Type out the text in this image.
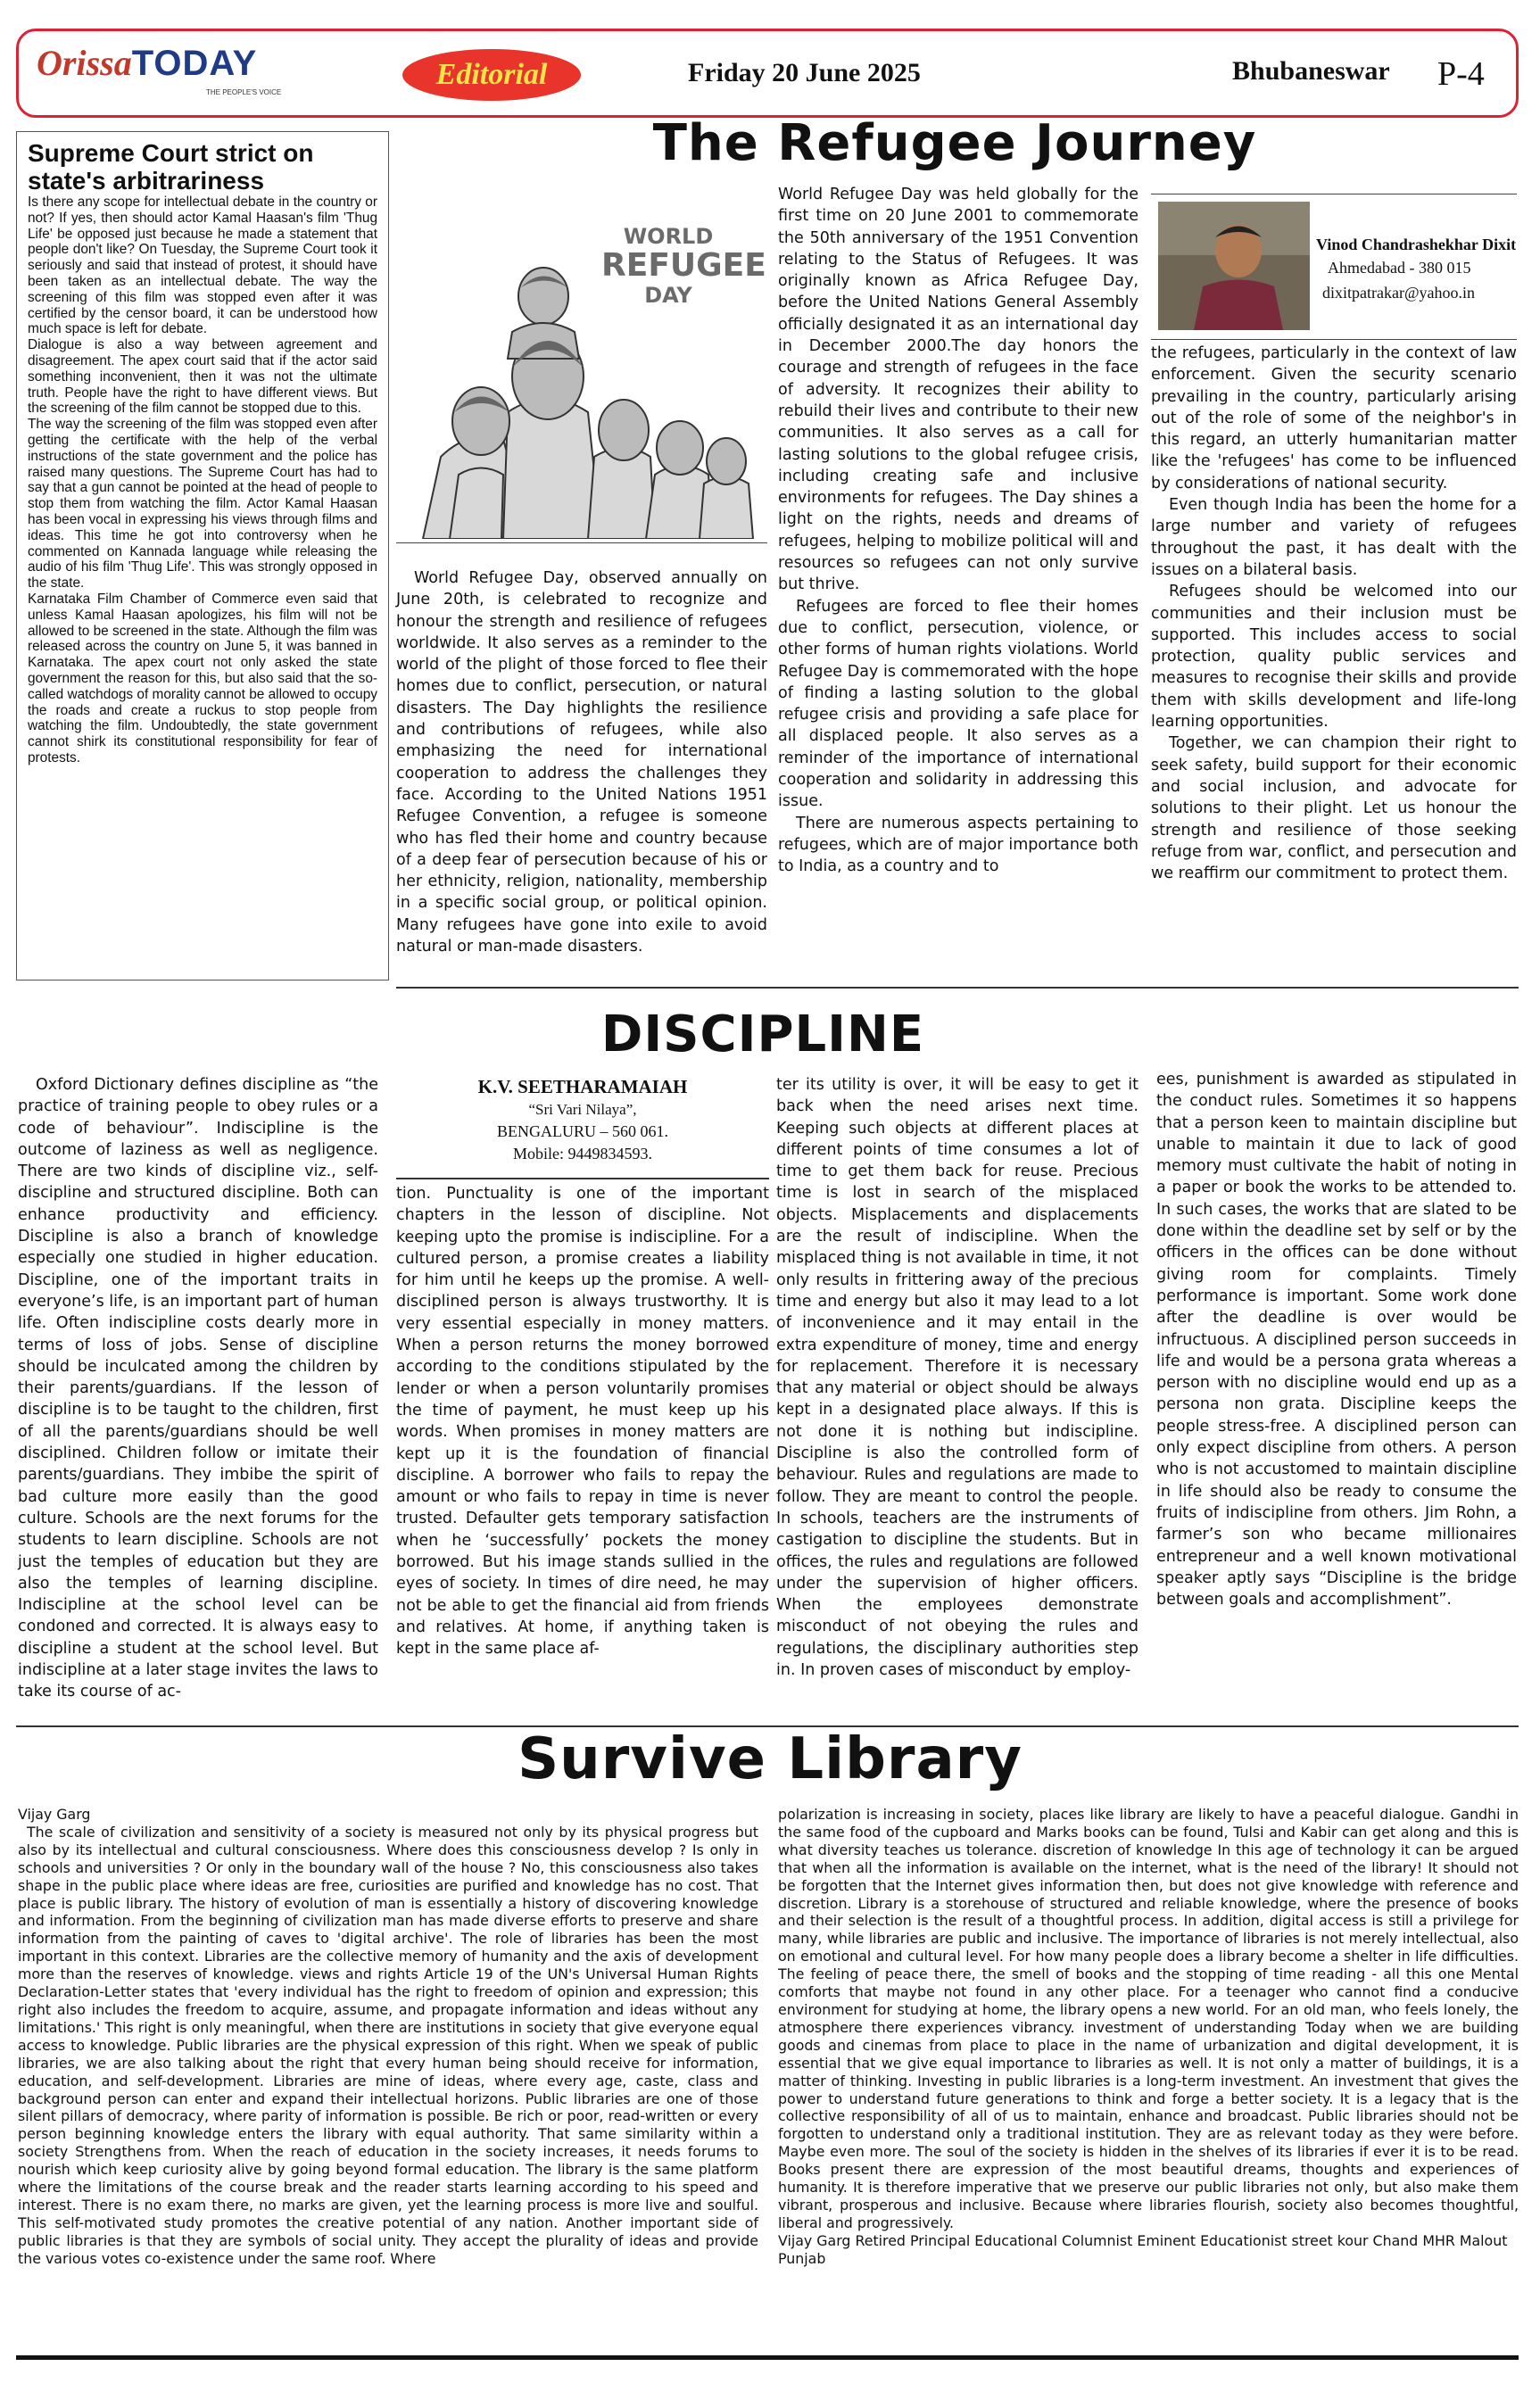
OrissaTODAY
THE PEOPLE'S VOICE
Editorial	Friday 20 June 2025	Bhubaneswar P-4
Supreme Court strict on state's arbitrariness

Is there any scope for intellectual debate in the country or not? If yes, then should actor Kamal Haasan's film 'Thug Life' be opposed just because he made a statement that people don't like? On Tuesday, the Supreme Court took it seriously and said that instead of protest, it should have been taken as an intellectual debate. The way the screening of this film was stopped even after it was certified by the censor board, it can be understood how much space is left for debate.

Dialogue is also a way between agreement and disagreement. The apex court said that if the actor said something inconvenient, then it was not the ultimate truth. People have the right to have different views. But the screening of the film cannot be stopped due to this.

The way the screening of the film was stopped even after getting the certificate with the help of the verbal instructions of the state government and the police has raised many questions. The Supreme Court has had to say that a gun cannot be pointed at the head of people to stop them from watching the film. Actor Kamal Haasan has been vocal in expressing his views through films and ideas. This time he got into controversy when he commented on Kannada language while releasing the audio of his film 'Thug Life'. This was strongly opposed in the state.

Karnataka Film Chamber of Commerce even said that unless Kamal Haasan apologizes, his film will not be allowed to be screened in the state. Although the film was released across the country on June 5, it was banned in Karnataka. The apex court not only asked the state government the reason for this, but also said that the so-called watchdogs of morality cannot be allowed to occupy the roads and create a ruckus to stop people from watching the film. Undoubtedly, the state government cannot shirk its constitutional responsibility for fear of protests.

The Refugee Journey
WORLD
REFUGEE
DAY

World Refugee Day, observed annually on June 20th, is celebrated to recognize and honour the strength and resilience of refugees worldwide. It also serves as a reminder to the world of the plight of those forced to flee their homes due to conflict, persecution, or natural disasters. The Day highlights the resilience and contributions of refugees, while also emphasizing the need for international cooperation to address the challenges they face. According to the United Nations 1951 Refugee Convention, a refugee is someone who has fled their home and country because of a deep fear of persecution because of his or her ethnicity, religion, nationality, membership in a specific social group, or political opinion. Many refugees have gone into exile to avoid natural or man-made disasters.

World Refugee Day was held globally for the first time on 20 June 2001 to commemorate the 50th anniversary of the 1951 Convention relating to the Status of Refugees. It was originally known as Africa Refugee Day, before the United Nations General Assembly officially designated it as an international day in December 2000.The day honors the courage and strength of refugees in the face of adversity. It recognizes their ability to rebuild their lives and contribute to their new communities. It also serves as a call for lasting solutions to the global refugee crisis, including creating safe and inclusive environments for refugees. The Day shines a light on the rights, needs and dreams of refugees, helping to mobilize political will and resources so refugees can not only survive but thrive.

Refugees are forced to flee their homes due to conflict, persecution, violence, or other forms of human rights violations. World Refugee Day is commemorated with the hope of finding a lasting solution to the global refugee crisis and providing a safe place for all displaced people. It also serves as a reminder of the importance of international cooperation and solidarity in addressing this issue.

There are numerous aspects pertaining to refugees, which are of major importance both to India, as a country and to

Vinod Chandrashekhar Dixit
Ahmedabad - 380 015
dixitpatrakar@yahoo.in

the refugees, particularly in the context of law enforcement. Given the security scenario prevailing in the country, particularly arising out of the role of some of the neighbor's in this regard, an utterly humanitarian matter like the 'refugees' has come to be influenced by considerations of national security.

Even though India has been the home for a large number and variety of refugees throughout the past, it has dealt with the issues on a bilateral basis.

Refugees should be welcomed into our communities and their inclusion must be supported. This includes access to social protection, quality public services and measures to recognise their skills and provide them with skills development and life-long learning opportunities.

Together, we can champion their right to seek safety, build support for their economic and social inclusion, and advocate for solutions to their plight. Let us honour the strength and resilience of those seeking refuge from war, conflict, and persecution and we reaffirm our commitment to protect them.

DISCIPLINE

Oxford Dictionary defines discipline as “the practice of training people to obey rules or a code of behaviour”. Indiscipline is the outcome of laziness as well as negligence. There are two kinds of discipline viz., self-discipline and structured discipline. Both can enhance productivity and efficiency. Discipline is also a branch of knowledge especially one studied in higher education. Discipline, one of the important traits in everyone’s life, is an important part of human life. Often indiscipline costs dearly more in terms of loss of jobs. Sense of discipline should be inculcated among the children by their parents/guardians. If the lesson of discipline is to be taught to the children, first of all the parents/guardians should be well disciplined. Children follow or imitate their parents/guardians. They imbibe the spirit of bad culture more easily than the good culture. Schools are the next forums for the students to learn discipline. Schools are not just the temples of education but they are also the temples of learning discipline. Indiscipline at the school level can be condoned and corrected. It is always easy to discipline a student at the school level. But indiscipline at a later stage invites the laws to take its course of ac-

K.V. SEETHARAMAIAH
“Sri Vari Nilaya”,
BENGALURU – 560 061.
Mobile: 9449834593.

tion. Punctuality is one of the important chapters in the lesson of discipline. Not keeping upto the promise is indiscipline. For a cultured person, a promise creates a liability for him until he keeps up the promise. A well-disciplined person is always trustworthy. It is very essential especially in money matters. When a person returns the money borrowed according to the conditions stipulated by the lender or when a person voluntarily promises the time of payment, he must keep up his words. When promises in money matters are kept up it is the foundation of financial discipline. A borrower who fails to repay the amount or who fails to repay in time is never trusted. Defaulter gets temporary satisfaction when he ‘successfully’ pockets the money borrowed. But his image stands sullied in the eyes of society. In times of dire need, he may not be able to get the financial aid from friends and relatives. At home, if anything taken is kept in the same place af-

ter its utility is over, it will be easy to get it back when the need arises next time. Keeping such objects at different places at different points of time consumes a lot of time to get them back for reuse. Precious time is lost in search of the misplaced objects. Misplacements and displacements are the result of indiscipline. When the misplaced thing is not available in time, it not only results in frittering away of the precious time and energy but also it may lead to a lot of inconvenience and it may entail in the extra expenditure of money, time and energy for replacement. Therefore it is necessary that any material or object should be always kept in a designated place always. If this is not done it is nothing but indiscipline. Discipline is also the controlled form of behaviour. Rules and regulations are made to follow. They are meant to control the people. In schools, teachers are the instruments of castigation to discipline the students. But in offices, the rules and regulations are followed under the supervision of higher officers. When the employees demonstrate misconduct of not obeying the rules and regulations, the disciplinary authorities step in. In proven cases of misconduct by employ-

ees, punishment is awarded as stipulated in the conduct rules. Sometimes it so happens that a person keen to maintain discipline but unable to maintain it due to lack of good memory must cultivate the habit of noting in a paper or book the works to be attended to. In such cases, the works that are slated to be done within the deadline set by self or by the officers in the offices can be done without giving room for complaints. Timely performance is important. Some work done after the deadline is over would be infructuous. A disciplined person succeeds in life and would be a persona grata whereas a person with no discipline would end up as a persona non grata. Discipline keeps the people stress-free. A disciplined person can only expect discipline from others. A person who is not accustomed to maintain discipline in life should also be ready to consume the fruits of indiscipline from others. Jim Rohn, a farmer’s son who became millionaires entrepreneur and a well known motivational speaker aptly says “Discipline is the bridge between goals and accomplishment”.

Survive Library

Vijay Garg

The scale of civilization and sensitivity of a society is measured not only by its physical progress but also by its intellectual and cultural consciousness. Where does this consciousness develop ? Is only in schools and universities ? Or only in the boundary wall of the house ? No, this consciousness also takes shape in the public place where ideas are free, curiosities are purified and knowledge has no cost. That place is public library. The history of evolution of man is essentially a history of discovering knowledge and information. From the beginning of civilization man has made diverse efforts to preserve and share information from the painting of caves to 'digital archive'. The role of libraries has been the most important in this context. Libraries are the collective memory of humanity and the axis of development more than the reserves of knowledge. views and rights Article 19 of the UN's Universal Human Rights Declaration-Letter states that 'every individual has the right to freedom of opinion and expression; this right also includes the freedom to acquire, assume, and propagate information and ideas without any limitations.' This right is only meaningful, when there are institutions in society that give everyone equal access to knowledge. Public libraries are the physical expression of this right. When we speak of public libraries, we are also talking about the right that every human being should receive for information, education, and self-development. Libraries are mine of ideas, where every age, caste, class and background person can enter and expand their intellectual horizons. Public libraries are one of those silent pillars of democracy, where parity of information is possible. Be rich or poor, read-written or every person beginning knowledge enters the library with equal authority. That same similarity within a society Strengthens from. When the reach of education in the society increases, it needs forums to nourish which keep curiosity alive by going beyond formal education. The library is the same platform where the limitations of the course break and the reader starts learning according to his speed and interest. There is no exam there, no marks are given, yet the learning process is more live and soulful. This self-motivated study promotes the creative potential of any nation. Another important side of public libraries is that they are symbols of social unity. They accept the plurality of ideas and provide the various votes co-existence under the same roof. Where

polarization is increasing in society, places like library are likely to have a peaceful dialogue. Gandhi in the same food of the cupboard and Marks books can be found, Tulsi and Kabir can get along and this is what diversity teaches us tolerance. discretion of knowledge In this age of technology it can be argued that when all the information is available on the internet, what is the need of the library! It should not be forgotten that the Internet gives information then, but does not give knowledge with reference and discretion. Library is a storehouse of structured and reliable knowledge, where the presence of books and their selection is the result of a thoughtful process. In addition, digital access is still a privilege for many, while libraries are public and inclusive. The importance of libraries is not merely intellectual, also on emotional and cultural level. For how many people does a library become a shelter in life difficulties. The feeling of peace there, the smell of books and the stopping of time reading - all this one Mental comforts that maybe not found in any other place. For a teenager who cannot find a conducive environment for studying at home, the library opens a new world. For an old man, who feels lonely, the atmosphere there experiences vibrancy. investment of understanding Today when we are building goods and cinemas from place to place in the name of urbanization and digital development, it is essential that we give equal importance to libraries as well. It is not only a matter of buildings, it is a matter of thinking. Investing in public libraries is a long-term investment. An investment that gives the power to understand future generations to think and forge a better society. It is a legacy that is the collective responsibility of all of us to maintain, enhance and broadcast. Public libraries should not be forgotten to understand only a traditional institution. They are as relevant today as they were before. Maybe even more. The soul of the society is hidden in the shelves of its libraries if ever it is to be read. Books present there are expression of the most beautiful dreams, thoughts and experiences of humanity. It is therefore imperative that we preserve our public libraries not only, but also make them vibrant, prosperous and inclusive. Because where libraries flourish, society also becomes thoughtful, liberal and progressively.

Vijay Garg Retired Principal Educational Columnist Eminent Educationist street kour Chand MHR Malout Punjab
